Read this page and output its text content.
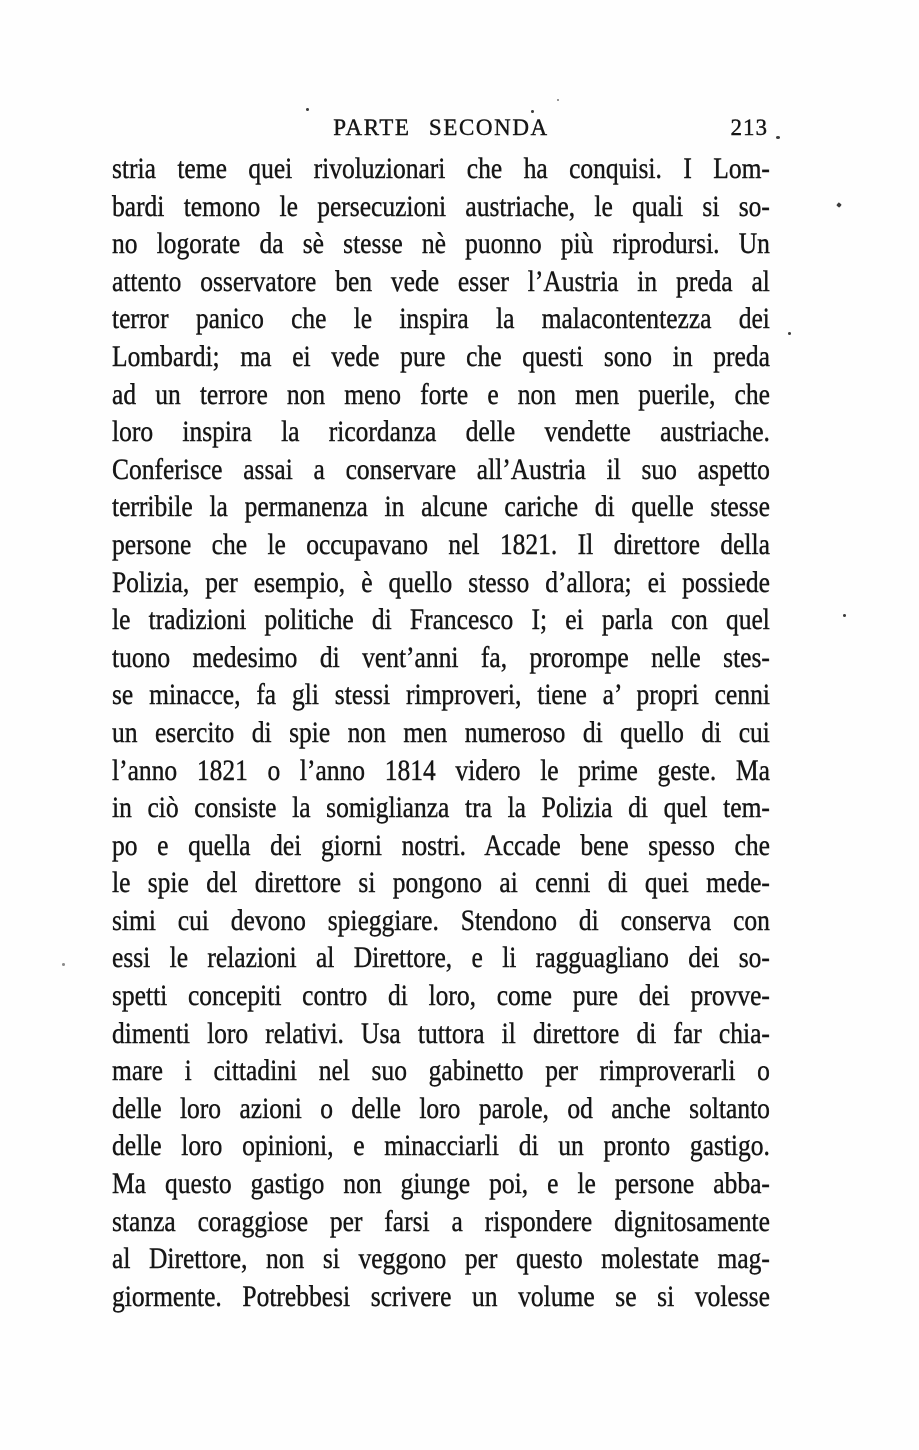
213
PARTE SECONDA
stria teme quei rivoluzionari che ha conquisi. I Lom-
bardi temono le persecuzioni austriache, le quali si so-
no logorate da sè stesse nè puonno più riprodursi. Un
attento osservatore ben vede esser l’Austria in preda al
terror panico che le inspira la malacontentezza dei
Lombardi; ma ei vede pure che questi sono in preda
ad un terrore non meno forte e non men puerile, che
loro inspira la ricordanza delle vendette austriache.
Conferisce assai a conservare all’Austria il suo aspetto
terribile la permanenza in alcune cariche di quelle stesse
persone che le occupavano nel 1821. Il direttore della
Polizia, per esempio, è quello stesso d’allora; ei possiede
le tradizioni politiche di Francesco I; ei parla con quel
tuono medesimo di vent’anni fa, prorompe nelle stes-
se minacce, fa gli stessi rimproveri, tiene a’ propri cenni
un esercito di spie non men numeroso di quello di cui
l’anno 1821 o l’anno 1814 videro le prime geste. Ma
in ciò consiste la somiglianza tra la Polizia di quel tem-
po e quella dei giorni nostri. Accade bene spesso che
le spie del direttore si pongono ai cenni di quei mede-
simi cui devono spieggiare. Stendono di conserva con
essi le relazioni al Direttore, e li ragguagliano dei so-
spetti concepiti contro di loro, come pure dei provve-
dimenti loro relativi. Usa tuttora il direttore di far chia-
mare i cittadini nel suo gabinetto per rimproverarli o
delle loro azioni o delle loro parole, od anche soltanto
delle loro opinioni, e minacciarli di un pronto gastigo.
Ma questo gastigo non giunge poi, e le persone abba-
stanza coraggiose per farsi a rispondere dignitosamente
al Direttore, non si veggono per questo molestate mag-
giormente. Potrebbesi scrivere un volume se si volesse
